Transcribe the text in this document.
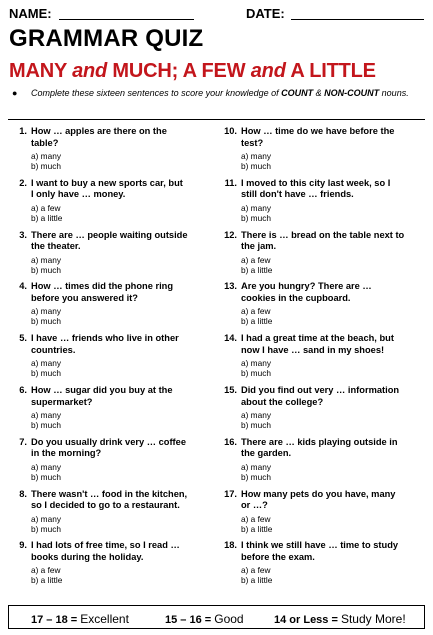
NAME:	DATE:
GRAMMAR QUIZ
MANY and MUCH; A FEW and A LITTLE
● Complete these sixteen sentences to score your knowledge of COUNT & NON-COUNT nouns.
1. How … apples are there on the
table?
a) many
b) much
2. I want to buy a new sports car, but
I only have … money.
a) a few
b) a little
3. There are … people waiting outside
the theater.
a) many
b) much
4. How … times did the phone ring
before you answered it?
a) many
b) much
5. I have … friends who live in other
countries.
a) many
b) much
6. How … sugar did you buy at the
supermarket?
a) many
b) much
7. Do you usually drink very … coffee
in the morning?
a) many
b) much
8. There wasn't … food in the kitchen,
so I decided to go to a restaurant.
a) many
b) much
9. I had lots of free time, so I read …
books during the holiday.
a) a few
b) a little
10. How … time do we have before the
test?
a) many
b) much
11. I moved to this city last week, so I
still don't have … friends.
a) many
b) much
12. There is … bread on the table next to
the jam.
a) a few
b) a little
13. Are you hungry? There are …
cookies in the cupboard.
a) a few
b) a little
14. I had a great time at the beach, but
now I have … sand in my shoes!
a) many
b) much
15. Did you find out very … information
about the college?
a) many
b) much
16. There are … kids playing outside in
the garden.
a) many
b) much
17. How many pets do you have, many
or …?
a) a few
b) a little
18. I think we still have … time to study
before the exam.
a) a few
b) a little
17 – 18 = Excellent	15 – 16 = Good	14 or Less = Study More!
